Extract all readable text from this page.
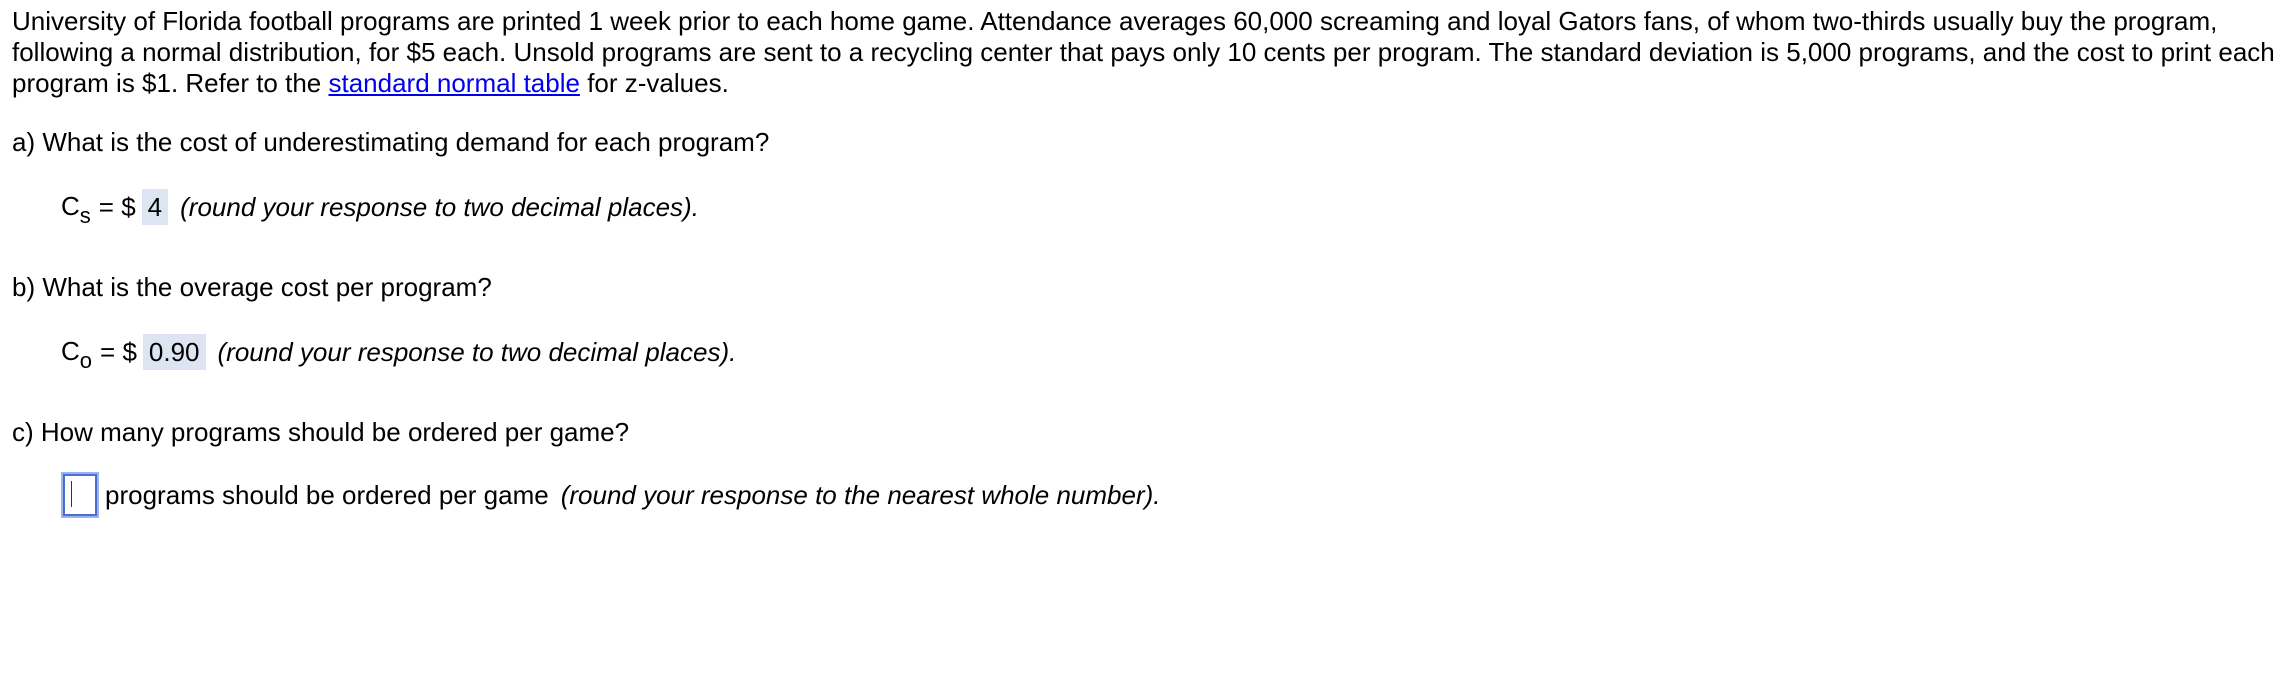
University of Florida football programs are printed 1 week prior to each home game. Attendance averages 60,000 screaming and loyal Gators fans, of whom two-thirds usually buy the program, following a normal distribution, for $5 each. Unsold programs are sent to a recycling center that pays only 10 cents per program. The standard deviation is 5,000 programs, and the cost to print each program is $1. Refer to the standard normal table for z-values.

a) What is the cost of underestimating demand for each program?

$C_s$ = $ 4 (round your response to two decimal places).

b) What is the overage cost per program?

$C_o$ = $ 0.90 (round your response to two decimal places).

c) How many programs should be ordered per game?

programs should be ordered per game (round your response to the nearest whole number).
